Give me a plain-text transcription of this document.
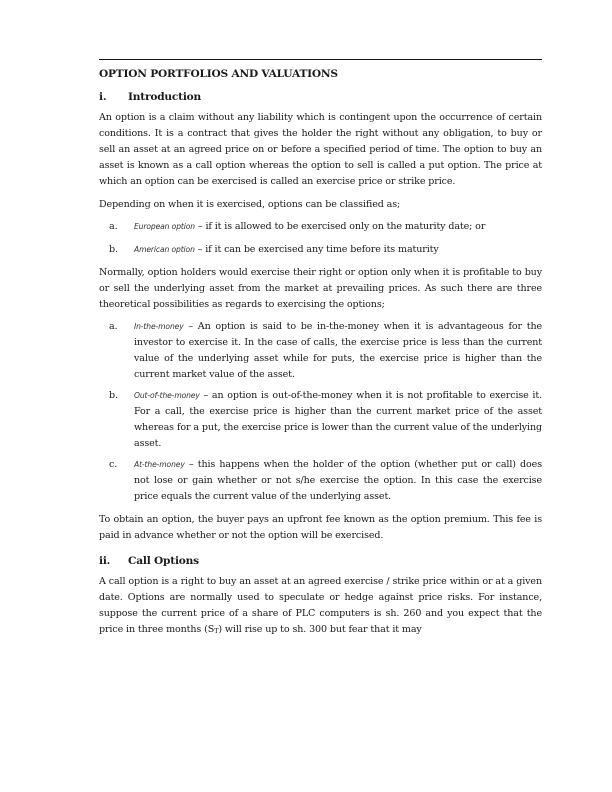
OPTION PORTFOLIOS AND VALUATIONS
i.	Introduction

An option is a claim without any liability which is contingent upon the occurrence of certain conditions. It is a contract that gives the holder the right without any obligation, to buy or sell an asset at an agreed price on or before a specified period of time. The option to buy an asset is known as a call option whereas the option to sell is called a put option. The price at which an option can be exercised is called an exercise price or strike price.

Depending on when it is exercised, options can be classified as;

a.	European option – if it is allowed to be exercised only on the maturity date; or
b.	American option – if it can be exercised any time before its maturity

Normally, option holders would exercise their right or option only when it is profitable to buy or sell the underlying asset from the market at prevailing prices. As such there are three theoretical possibilities as regards to exercising the options;

a.	In-the-money – An option is said to be in-the-money when it is advantageous for the investor to exercise it. In the case of calls, the exercise price is less than the current value of the underlying asset while for puts, the exercise price is higher than the current market value of the asset.
b.	Out-of-the-money – an option is out-of-the-money when it is not profitable to exercise it. For a call, the exercise price is higher than the current market price of the asset whereas for a put, the exercise price is lower than the current value of the underlying asset.
c.	At-the-money – this happens when the holder of the option (whether put or call) does not lose or gain whether or not s/he exercise the option. In this case the exercise price equals the current value of the underlying asset.

To obtain an option, the buyer pays an upfront fee known as the option premium. This fee is paid in advance whether or not the option will be exercised.

ii.	Call Options

A call option is a right to buy an asset at an agreed exercise / strike price within or at a given date. Options are normally used to speculate or hedge against price risks. For instance, suppose the current price of a share of PLC computers is sh. 260 and you expect that the price in three months (ST) will rise up to sh. 300 but fear that it may
